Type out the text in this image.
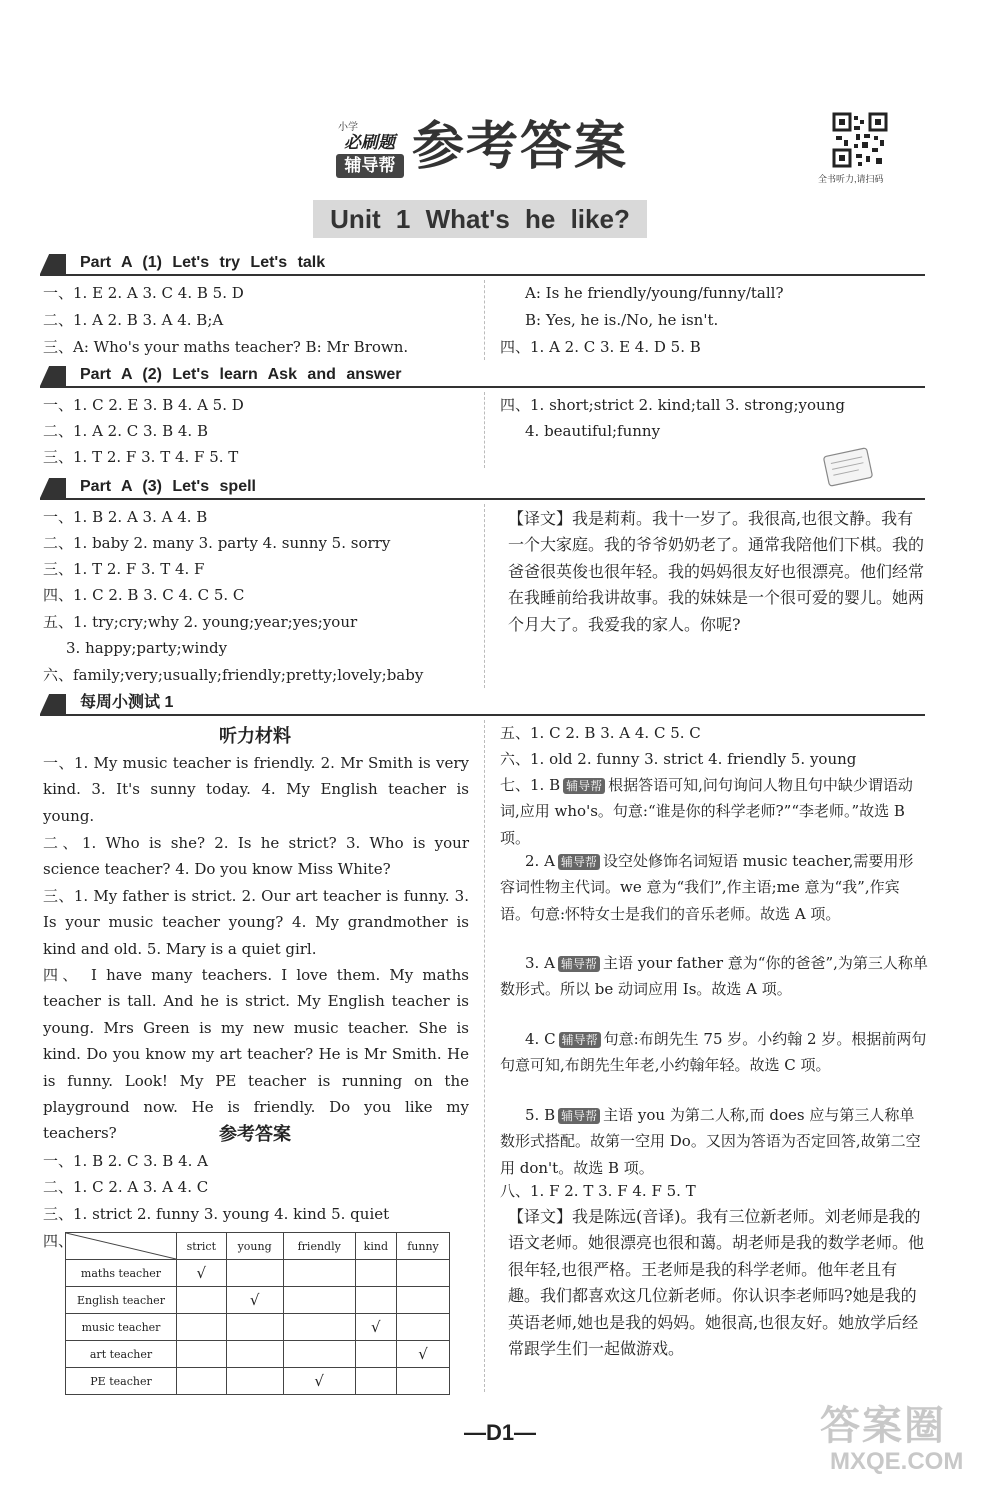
小学
必刷题
辅导帮 参考答案
全书听力,请扫码
Unit 1 What's he like?
Part A (1) Let's try Let's talk
一、1. E 2. A 3. C 4. B 5. D
二、1. A 2. B 3. A 4. B;A
三、A: Who's your maths teacher? B: Mr Brown.
A: Is he friendly/young/funny/tall?
B: Yes, he is./No, he isn't.
四、1. A 2. C 3. E 4. D 5. B
Part A (2) Let's learn Ask and answer
一、1. C 2. E 3. B 4. A 5. D
二、1. A 2. C 3. B 4. B
三、1. T 2. F 3. T 4. F 5. T
四、1. short;strict 2. kind;tall 3. strong;young
4. beautiful;funny
Part A (3) Let's spell
一、1. B 2. A 3. A 4. B
二、1. baby 2. many 3. party 4. sunny 5. sorry
三、1. T 2. F 3. T 4. F
四、1. C 2. B 3. C 4. C 5. C
五、1. try;cry;why 2. young;year;yes;your
3. happy;party;windy
六、family;very;usually;friendly;pretty;lovely;baby
【译文】我是莉莉。我十一岁了。我很高,也很文静。我有一个大家庭。我的爷爷奶奶老了。通常我陪他们下棋。我的爸爸很英俊也很年轻。我的妈妈很友好也很漂亮。他们经常在我睡前给我讲故事。我的妹妹是一个很可爱的婴儿。她两个月大了。我爱我的家人。你呢?
每周小测试 1
听力材料
一、1. My music teacher is friendly. 2. Mr Smith is very kind. 3. It's sunny today. 4. My English teacher is young.
二、1. Who is she? 2. Is he strict? 3. Who is your science teacher? 4. Do you know Miss White?
三、1. My father is strict. 2. Our art teacher is funny. 3. Is your music teacher young? 4. My grandmother is kind and old. 5. Mary is a quiet girl.
四、 I have many teachers. I love them. My maths teacher is tall. And he is strict. My English teacher is young. Mrs Green is my new music teacher. She is kind. Do you know my art teacher? He is Mr Smith. He is funny. Look! My PE teacher is running on the playground now. He is friendly. Do you like my teachers?	参考答案
一、1. B 2. C 3. B 4. A
二、1. C 2. A 3. A 4. C
三、1. strict 2. funny 3. young 4. kind 5. quiet
四、
		strict	young	friendly	kind	funny
maths teacher	√				
English teacher		√			
music teacher				√	
art teacher					√
PE teacher			√		
五、1. C 2. B 3. A 4. C 5. C
六、1. old 2. funny 3. strict 4. friendly 5. young
七、1. B 辅导帮 根据答语可知,问句询问人物且句中缺少谓语动词,应用 who's。句意:“谁是你的科学老师?”“李老师。”故选 B 项。
2. A 辅导帮 设空处修饰名词短语 music teacher,需要用形容词性物主代词。we 意为“我们”,作主语;me 意为“我”,作宾语。句意:怀特女士是我们的音乐老师。故选 A 项。
3. A 辅导帮 主语 your father 意为“你的爸爸”,为第三人称单数形式。所以 be 动词应用 Is。故选 A 项。
4. C 辅导帮 句意:布朗先生 75 岁。小约翰 2 岁。根据前两句句意可知,布朗先生年老,小约翰年轻。故选 C 项。
5. B 辅导帮 主语 you 为第二人称,而 does 应与第三人称单数形式搭配。故第一空用 Do。又因为答语为否定回答,故第二空用 don't。故选 B 项。
八、1. F 2. T 3. F 4. F 5. T
【译文】我是陈远(音译)。我有三位新老师。刘老师是我的语文老师。她很漂亮也很和蔼。胡老师是我的数学老师。他很年轻,也很严格。王老师是我的科学老师。他年老且有趣。我们都喜欢这几位新老师。你认识李老师吗?她是我的英语老师,她也是我的妈妈。她很高,也很友好。她放学后经常跟学生们一起做游戏。
—D1—	答案圈
MXQE.COM
